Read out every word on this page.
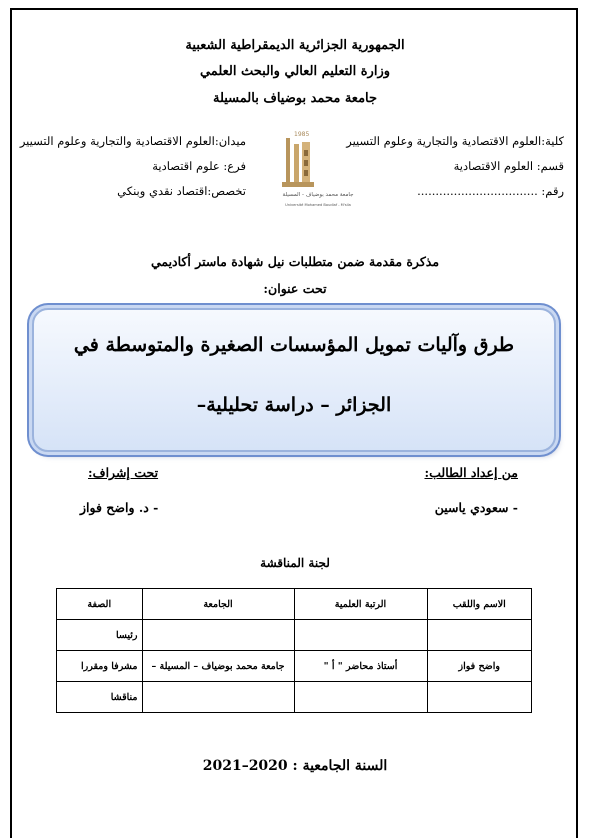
الجمهورية الجزائرية الديمقراطية الشعبية
وزارة التعليم العالي والبحث العلمي
جامعة محمد بوضياف بالمسيلة
كلية:العلوم الاقتصادية والتجارية وعلوم التسيير
قسم: العلوم الاقتصادية
رقم: .................................
ميدان:العلوم الاقتصادية والتجارية وعلوم التسيير
فرع: علوم اقتصادية
تخصص:اقتصاد نقدي وبنكي
1985
جامعة محمد بوضياف - المسيلة
Université Mohamed Boudiaf - M'sila
مذكرة مقدمة ضمن متطلبات نيل شهادة ماستر أكاديمي
تحت عنوان:
طرق وآليات تمويل المؤسسات الصغيرة والمتوسطة في
الجزائر – دراسة تحليلية–
من إعداد الطالب:
- سعودي ياسين
تحت إشراف:
- د. واضح فواز
لجنة المناقشة
الاسم واللقب	الرتبة العلمية	الجامعة	الصفة
			رئيسا
واضح فواز	أستاذ محاضر " أ "	جامعة محمد بوضياف – المسيلة –	مشرفا ومقررا
			مناقشا
السنة الجامعية : 2020–2021
